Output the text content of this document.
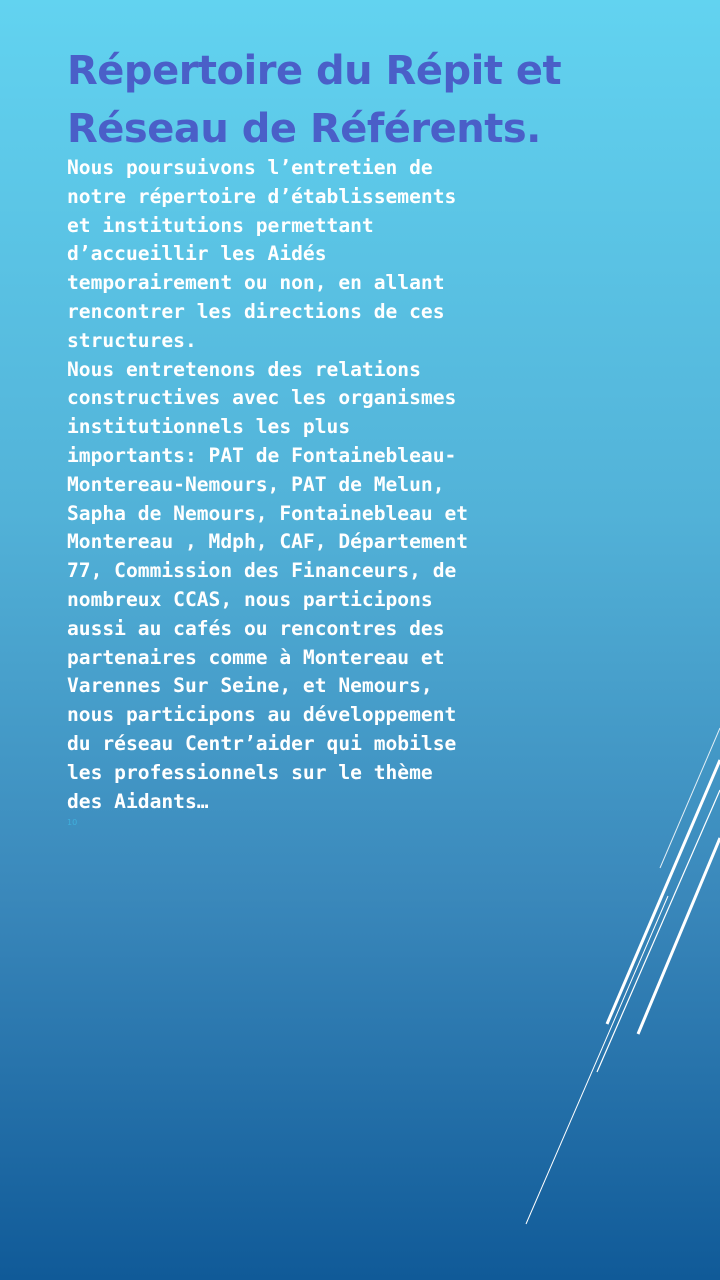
Répertoire du Répit et
Réseau de Référents.
Nous poursuivons l’entretien de
notre répertoire d’établissements
et institutions permettant
d’accueillir les Aidés
temporairement ou non, en allant
rencontrer les directions de ces
structures.
Nous entretenons des relations
constructives avec les organismes
institutionnels les plus
importants: PAT de Fontainebleau-
Montereau-Nemours, PAT de Melun,
Sapha de Nemours, Fontainebleau et
Montereau , Mdph, CAF, Département
77, Commission des Financeurs, de
nombreux CCAS, nous participons
aussi au cafés ou rencontres des
partenaires comme à Montereau et
Varennes Sur Seine, et Nemours,
nous participons au développement
du réseau Centr’aider qui mobilse
les professionnels sur le thème
des Aidants…
10
